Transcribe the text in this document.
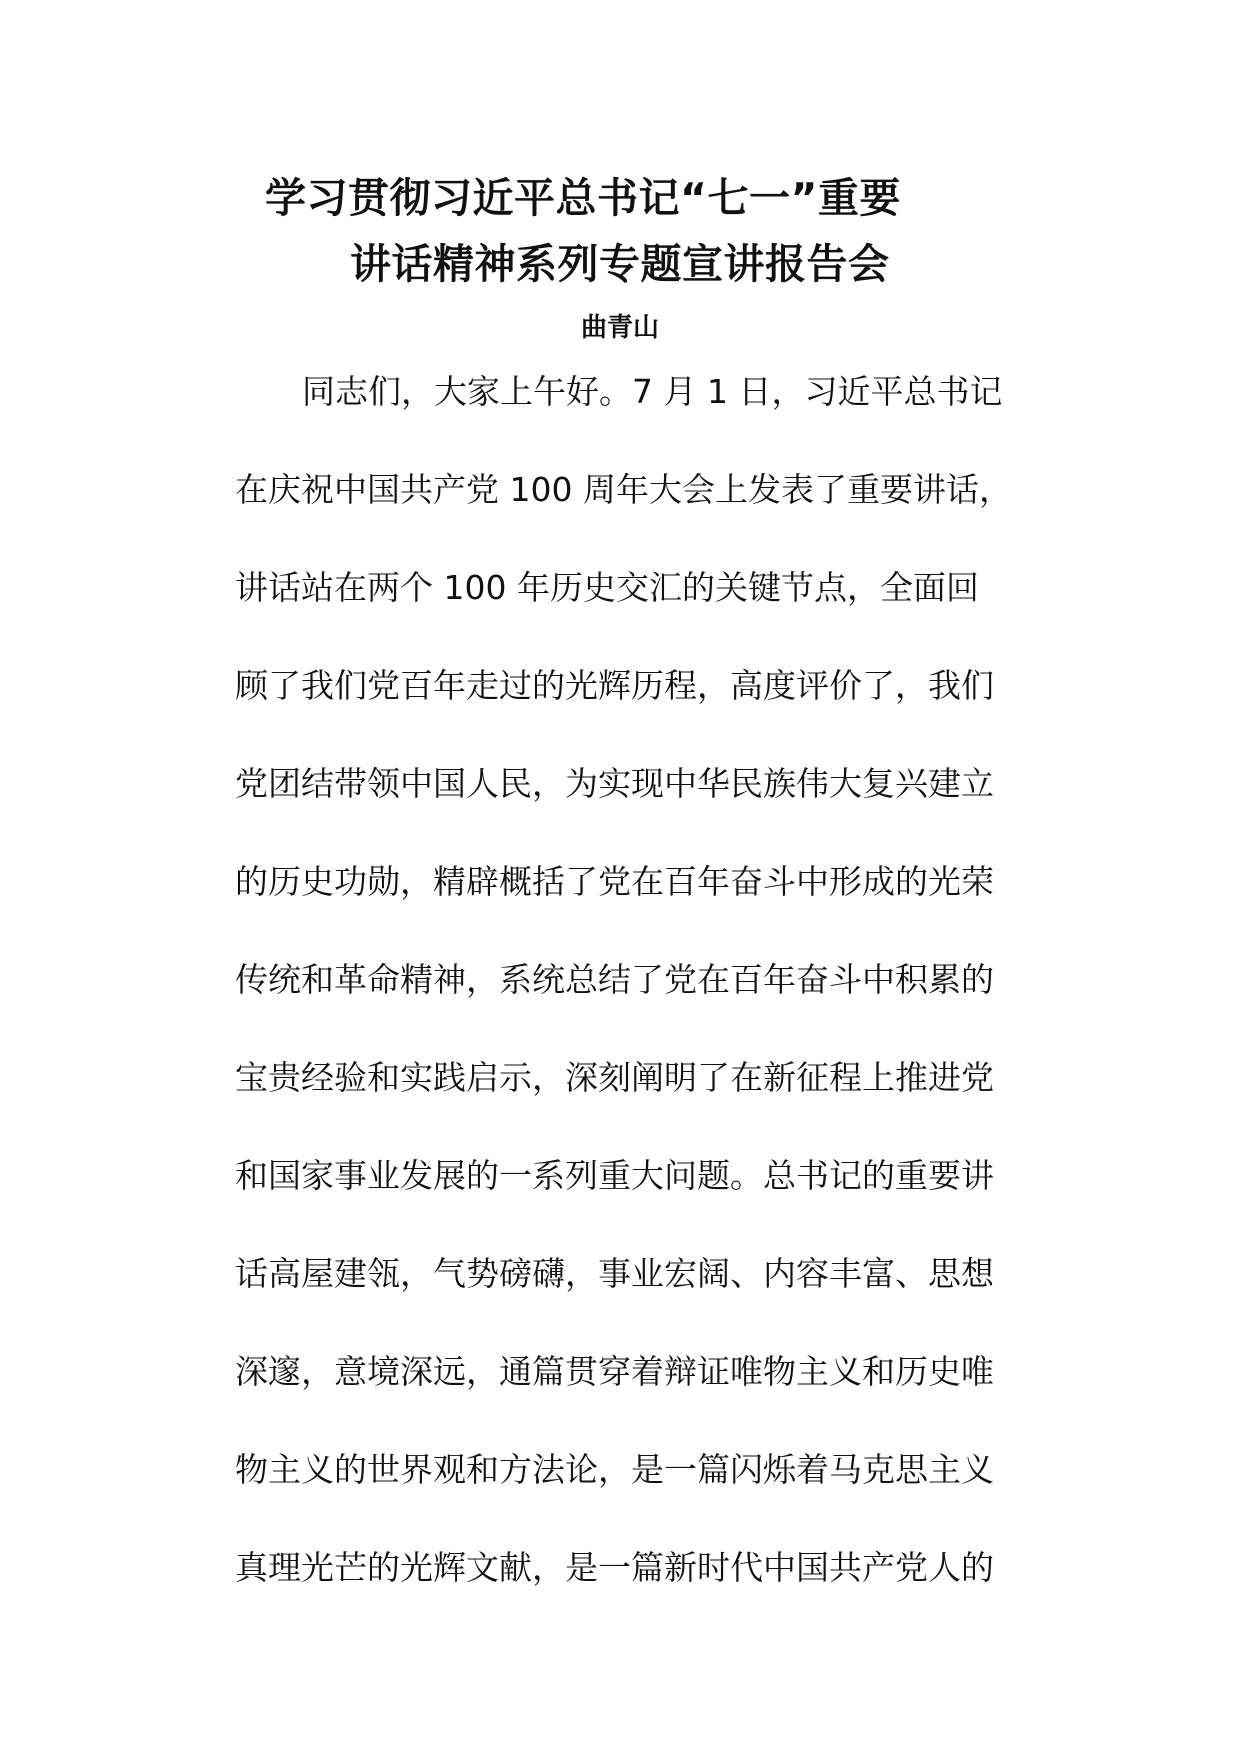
学习贯彻习近平总书记“七一”重要
讲话精神系列专题宣讲报告会
曲青山
同志们，大家上午好。7 月 1 日，习近平总书记
在庆祝中国共产党 100 周年大会上发表了重要讲话，
讲话站在两个 100 年历史交汇的关键节点，全面回
顾了我们党百年走过的光辉历程，高度评价了，我们
党团结带领中国人民，为实现中华民族伟大复兴建立
的历史功勋，精辟概括了党在百年奋斗中形成的光荣
传统和革命精神，系统总结了党在百年奋斗中积累的
宝贵经验和实践启示，深刻阐明了在新征程上推进党
和国家事业发展的一系列重大问题。总书记的重要讲
话高屋建瓴，气势磅礴，事业宏阔、内容丰富、思想
深邃，意境深远，通篇贯穿着辩证唯物主义和历史唯
物主义的世界观和方法论，是一篇闪烁着马克思主义
真理光芒的光辉文献，是一篇新时代中国共产党人的
